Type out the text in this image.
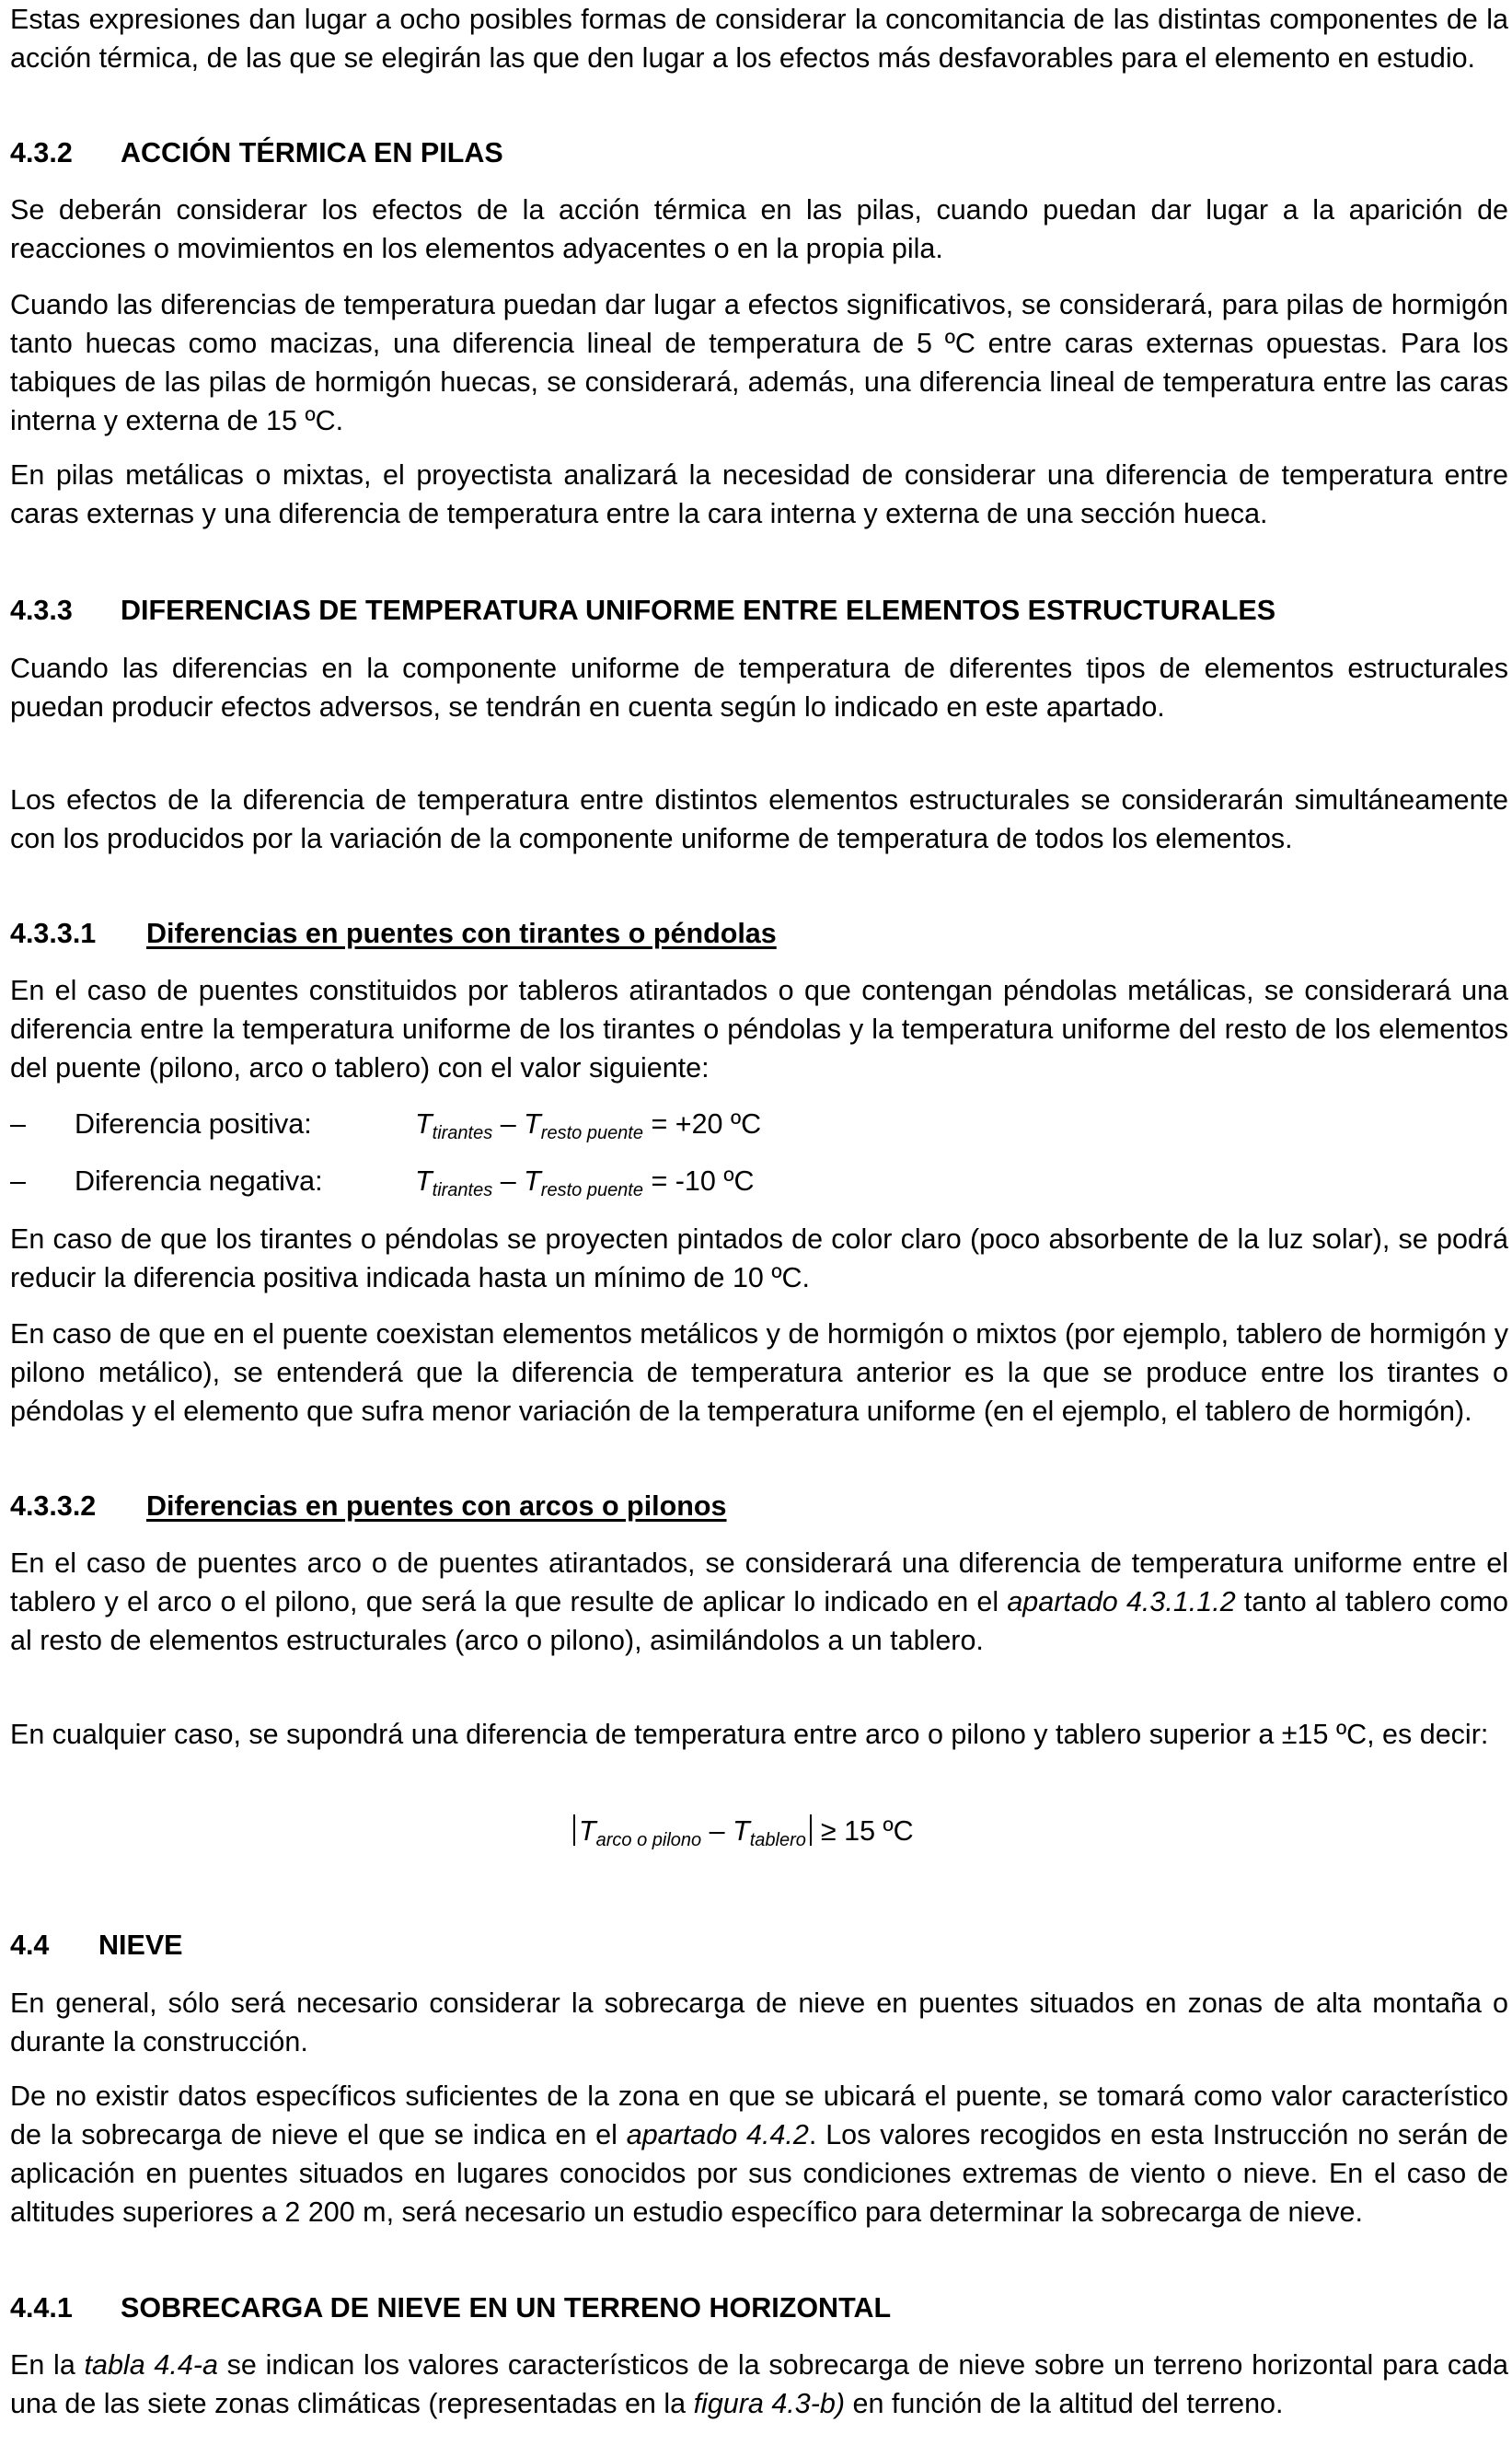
Estas expresiones dan lugar a ocho posibles formas de considerar la concomitancia de las distintas componentes de la acción térmica, de las que se elegirán las que den lugar a los efectos más desfavorables para el elemento en estudio.

4.3.2 ACCIÓN TÉRMICA EN PILAS

Se deberán considerar los efectos de la acción térmica en las pilas, cuando puedan dar lugar a la aparición de reacciones o movimientos en los elementos adyacentes o en la propia pila.

Cuando las diferencias de temperatura puedan dar lugar a efectos significativos, se considerará, para pilas de hormigón tanto huecas como macizas, una diferencia lineal de temperatura de 5 ºC entre caras externas opuestas. Para los tabiques de las pilas de hormigón huecas, se considerará, además, una diferencia lineal de temperatura entre las caras interna y externa de 15 ºC.

En pilas metálicas o mixtas, el proyectista analizará la necesidad de considerar una diferencia de temperatura entre caras externas y una diferencia de temperatura entre la cara interna y externa de una sección hueca.

4.3.3 DIFERENCIAS DE TEMPERATURA UNIFORME ENTRE ELEMENTOS ESTRUCTURALES

Cuando las diferencias en la componente uniforme de temperatura de diferentes tipos de elementos estructurales puedan producir efectos adversos, se tendrán en cuenta según lo indicado en este apartado.

Los efectos de la diferencia de temperatura entre distintos elementos estructurales se considerarán simultáneamente con los producidos por la variación de la componente uniforme de temperatura de todos los elementos.

4.3.3.1 Diferencias en puentes con tirantes o péndolas

En el caso de puentes constituidos por tableros atirantados o que contengan péndolas metálicas, se considerará una diferencia entre la temperatura uniforme de los tirantes o péndolas y la temperatura uniforme del resto de los elementos del puente (pilono, arco o tablero) con el valor siguiente:

– Diferencia positiva:	$T_{tirantes} - T_{resto puente} = +20$ ºC
– Diferencia negativa:	$T_{tirantes} - T_{resto puente} = -10$ ºC

En caso de que los tirantes o péndolas se proyecten pintados de color claro (poco absorbente de la luz solar), se podrá reducir la diferencia positiva indicada hasta un mínimo de 10 ºC.

En caso de que en el puente coexistan elementos metálicos y de hormigón o mixtos (por ejemplo, tablero de hormigón y pilono metálico), se entenderá que la diferencia de temperatura anterior es la que se produce entre los tirantes o péndolas y el elemento que sufra menor variación de la temperatura uniforme (en el ejemplo, el tablero de hormigón).

4.3.3.2 Diferencias en puentes con arcos o pilonos

En el caso de puentes arco o de puentes atirantados, se considerará una diferencia de temperatura uniforme entre el tablero y el arco o el pilono, que será la que resulte de aplicar lo indicado en el apartado 4.3.1.1.2 tanto al tablero como al resto de elementos estructurales (arco o pilono), asimilándolos a un tablero.

En cualquier caso, se supondrá una diferencia de temperatura entre arco o pilono y tablero superior a ±15 ºC, es decir:

$T_{arco o pilono} - T_{tablero} \ge 15$ ºC
4.4 NIEVE

En general, sólo será necesario considerar la sobrecarga de nieve en puentes situados en zonas de alta montaña o durante la construcción.

De no existir datos específicos suficientes de la zona en que se ubicará el puente, se tomará como valor característico de la sobrecarga de nieve el que se indica en el apartado 4.4.2. Los valores recogidos en esta Instrucción no serán de aplicación en puentes situados en lugares conocidos por sus condiciones extremas de viento o nieve. En el caso de altitudes superiores a 2 200 m, será necesario un estudio específico para determinar la sobrecarga de nieve.

4.4.1 SOBRECARGA DE NIEVE EN UN TERRENO HORIZONTAL

En la tabla 4.4-a se indican los valores característicos de la sobrecarga de nieve sobre un terreno horizontal para cada una de las siete zonas climáticas (representadas en la figura 4.3-b) en función de la altitud del terreno.
